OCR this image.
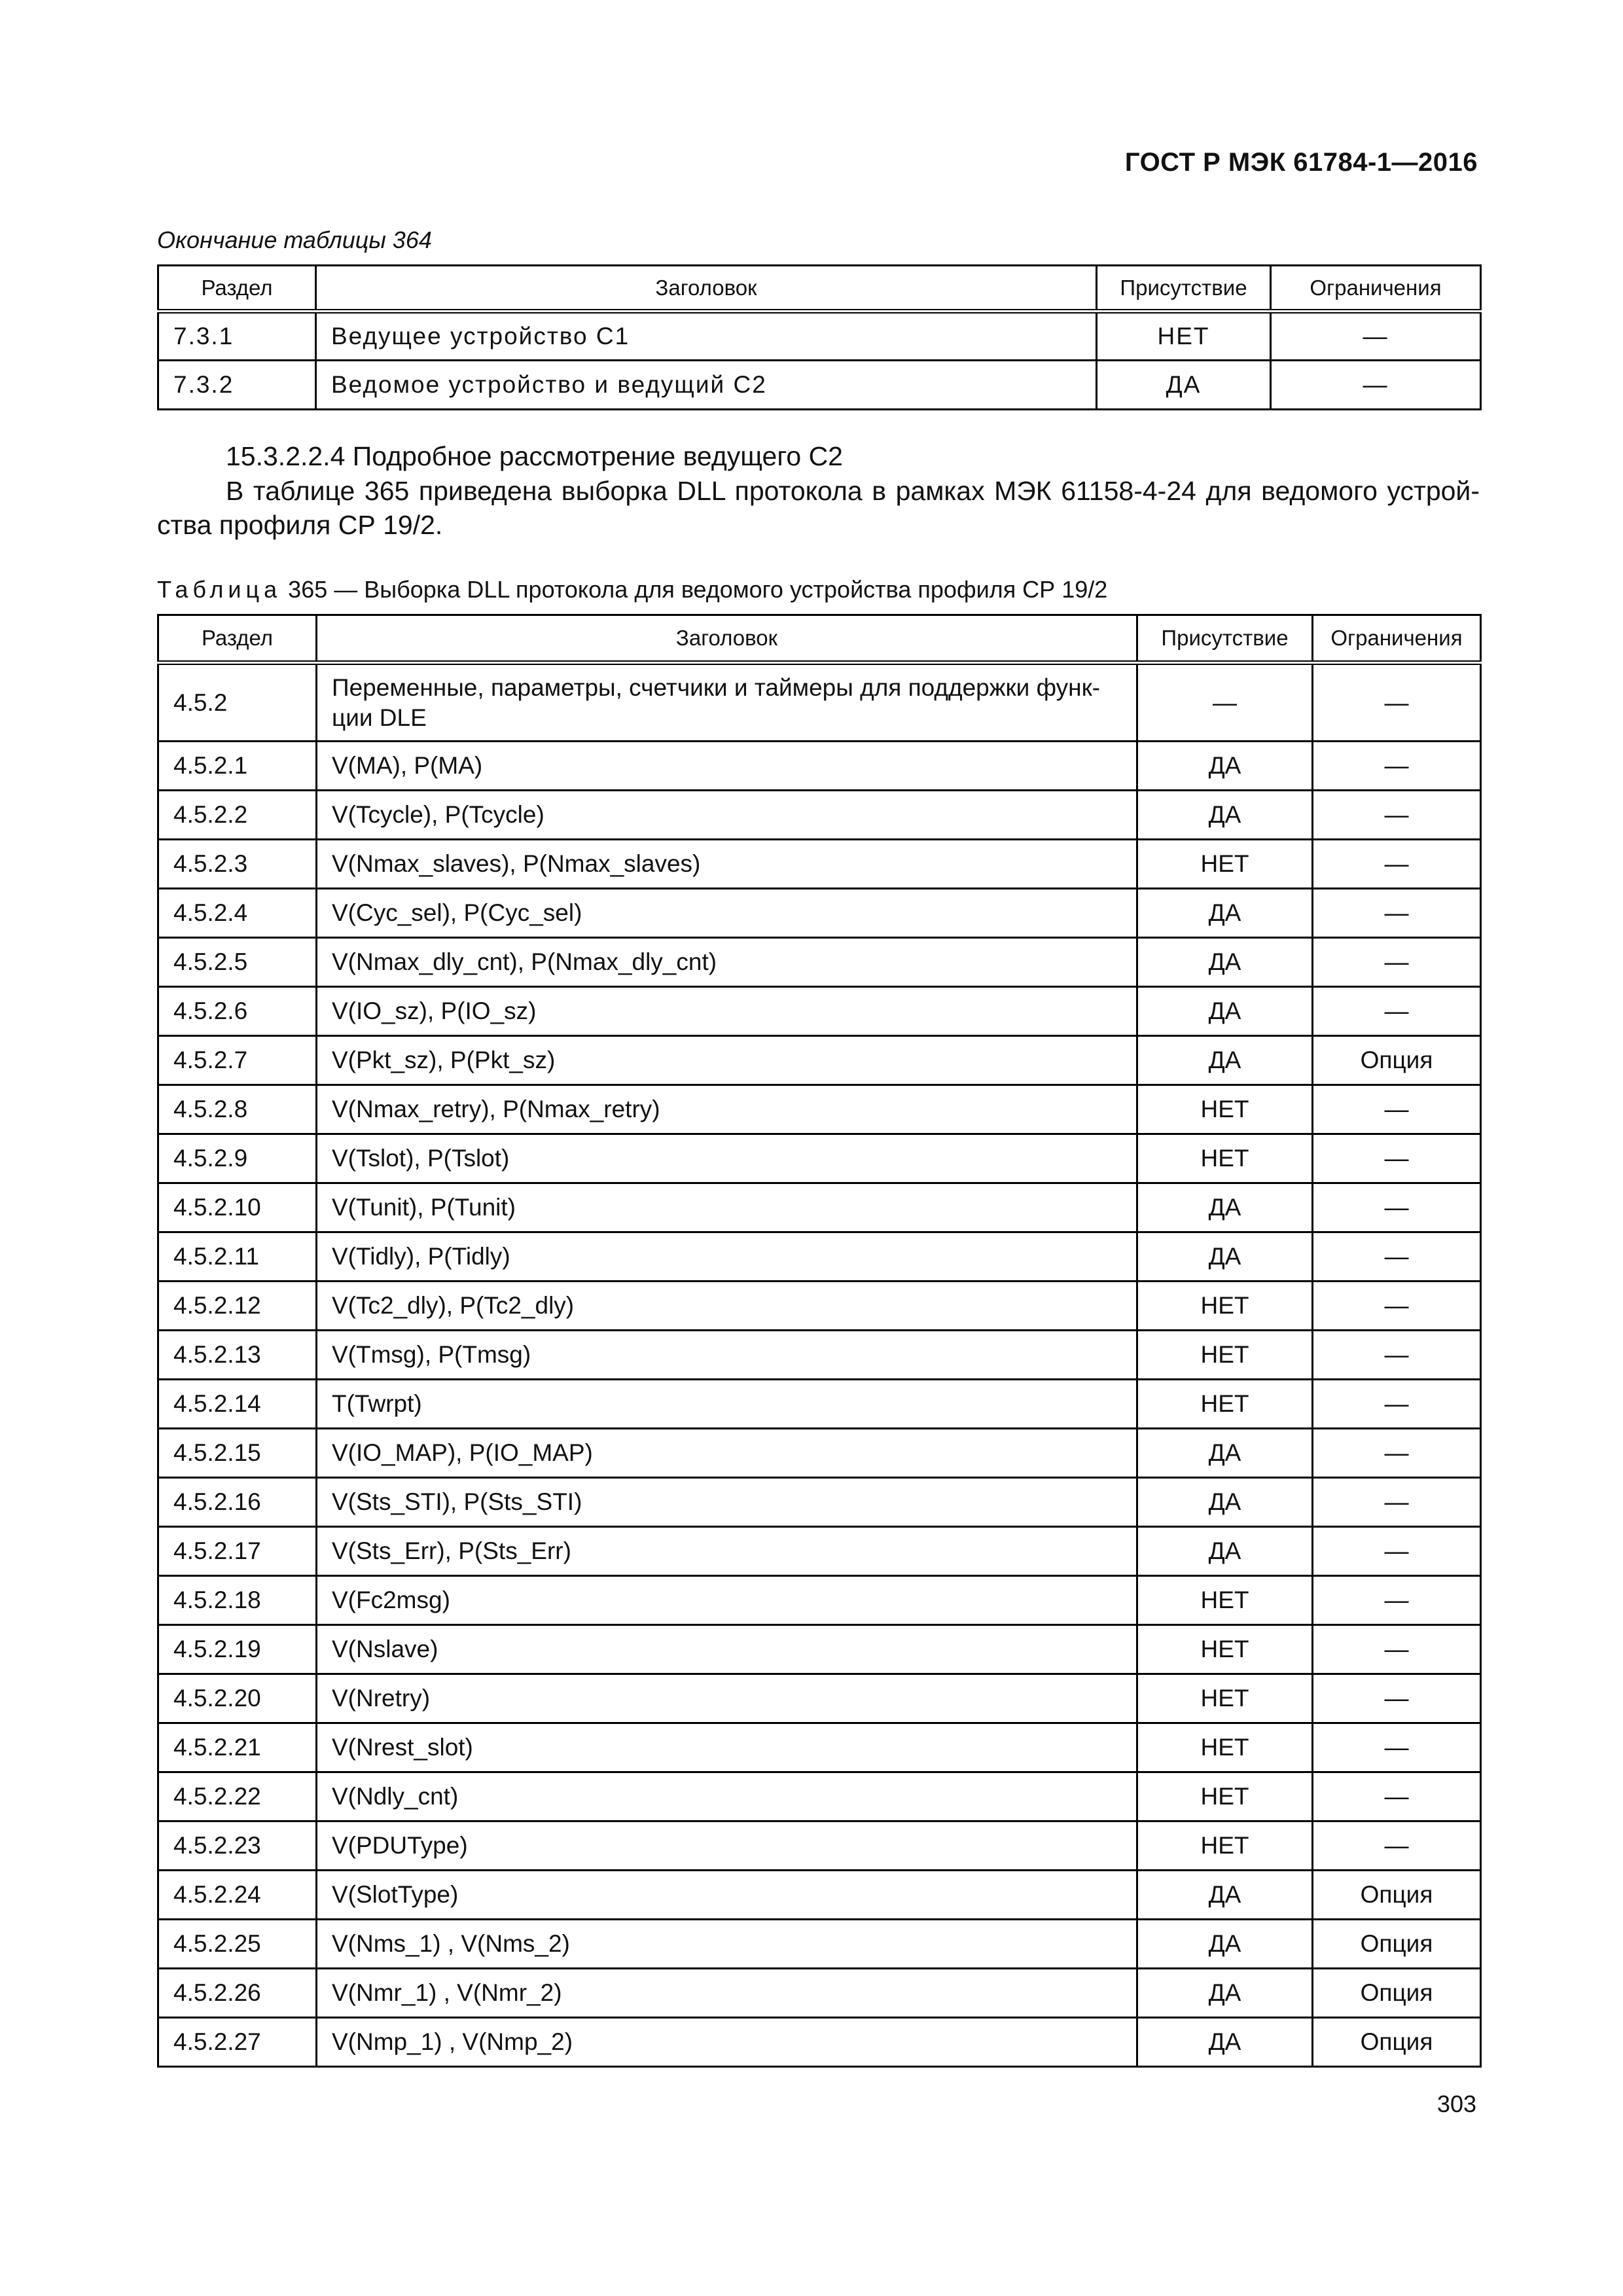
ГОСТ Р МЭК 61784-1—2016
Окончание таблицы 364
Раздел	Заголовок	Присутствие	Ограничения
7.3.1	Ведущее устройство С1	НЕТ	—
7.3.2	Ведомое устройство и ведущий С2	ДА	—
15.3.2.2.4 Подробное рассмотрение ведущего С2
В таблице 365 приведена выборка DLL протокола в рамках МЭК 61158-4-24 для ведомого устрой-
ства профиля СР 19/2.
Таблица 365 — Выборка DLL протокола для ведомого устройства профиля СР 19/2
Раздел	Заголовок	Присутствие	Ограничения
4.5.2	Переменные, параметры, счетчики и таймеры для поддержки функ-ции DLE	—	—
4.5.2.1	V(MA), P(MA)	ДА	—
4.5.2.2	V(Tcycle), P(Tcycle)	ДА	—
4.5.2.3	V(Nmax_slaves), P(Nmax_slaves)	НЕТ	—
4.5.2.4	V(Cyc_sel), P(Cyc_sel)	ДА	—
4.5.2.5	V(Nmax_dly_cnt), P(Nmax_dly_cnt)	ДА	—
4.5.2.6	V(IO_sz), P(IO_sz)	ДА	—
4.5.2.7	V(Pkt_sz), P(Pkt_sz)	ДА	Опция
4.5.2.8	V(Nmax_retry), P(Nmax_retry)	НЕТ	—
4.5.2.9	V(Tslot), P(Tslot)	НЕТ	—
4.5.2.10	V(Tunit), P(Tunit)	ДА	—
4.5.2.11	V(Tidly), P(Tidly)	ДА	—
4.5.2.12	V(Tc2_dly), P(Tc2_dly)	НЕТ	—
4.5.2.13	V(Tmsg), P(Tmsg)	НЕТ	—
4.5.2.14	T(Twrpt)	НЕТ	—
4.5.2.15	V(IO_MAP), P(IO_MAP)	ДА	—
4.5.2.16	V(Sts_STI), P(Sts_STI)	ДА	—
4.5.2.17	V(Sts_Err), P(Sts_Err)	ДА	—
4.5.2.18	V(Fc2msg)	НЕТ	—
4.5.2.19	V(Nslave)	НЕТ	—
4.5.2.20	V(Nretry)	НЕТ	—
4.5.2.21	V(Nrest_slot)	НЕТ	—
4.5.2.22	V(Ndly_cnt)	НЕТ	—
4.5.2.23	V(PDUType)	НЕТ	—
4.5.2.24	V(SlotType)	ДА	Опция
4.5.2.25	V(Nms_1) , V(Nms_2)	ДА	Опция
4.5.2.26	V(Nmr_1) , V(Nmr_2)	ДА	Опция
4.5.2.27	V(Nmp_1) , V(Nmp_2)	ДА	Опция
303
